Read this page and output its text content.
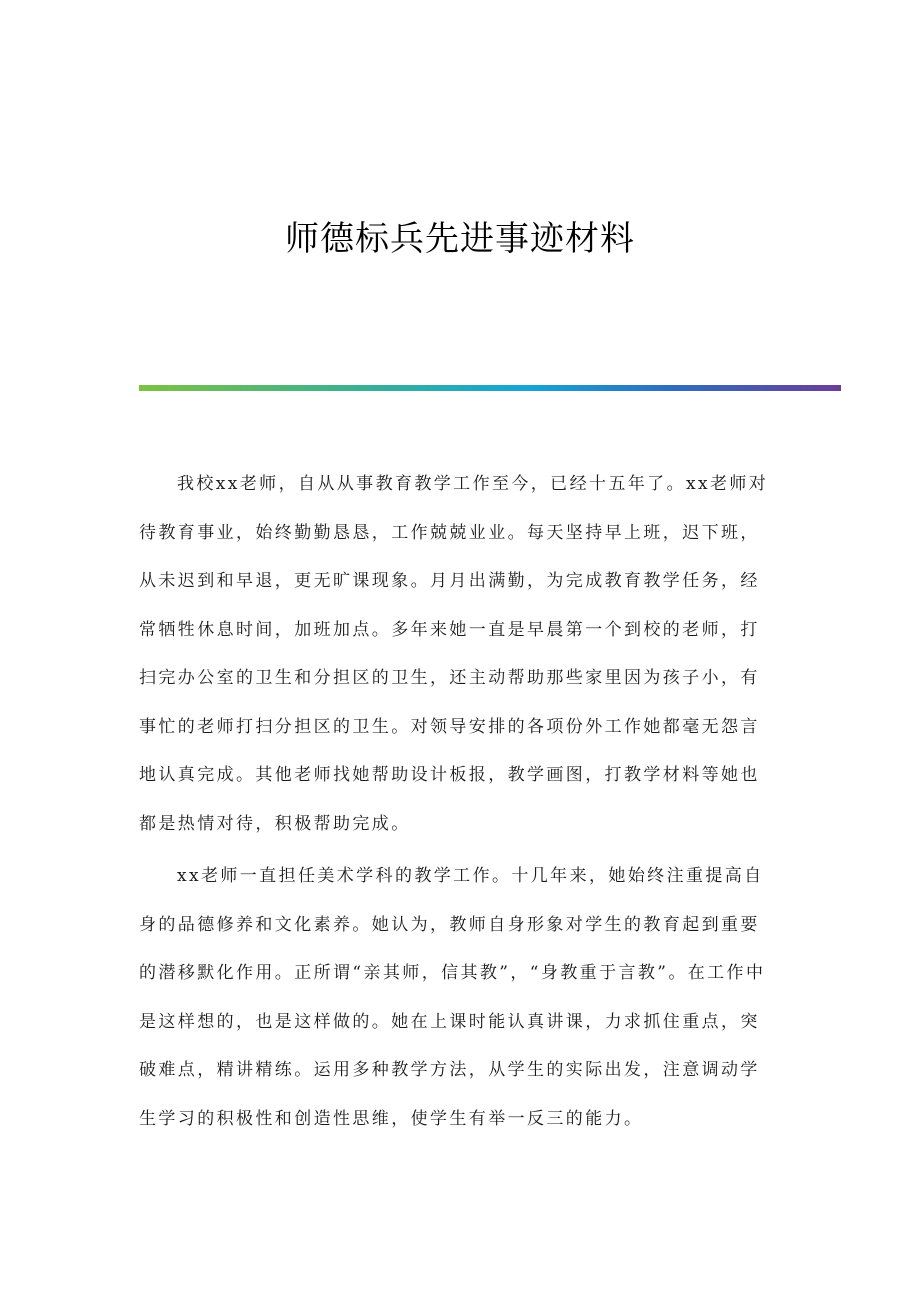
师德标兵先进事迹材料

我校xx老师，自从从事教育教学工作至今，已经十五年了。xx老师对待教育事业，始终勤勤恳恳，工作兢兢业业。每天坚持早上班，迟下班，从未迟到和早退，更无旷课现象。月月出满勤，为完成教育教学任务，经常牺牲休息时间，加班加点。多年来她一直是早晨第一个到校的老师，打扫完办公室的卫生和分担区的卫生，还主动帮助那些家里因为孩子小，有事忙的老师打扫分担区的卫生。对领导安排的各项份外工作她都毫无怨言地认真完成。其他老师找她帮助设计板报，教学画图，打教学材料等她也都是热情对待，积极帮助完成。

xx老师一直担任美术学科的教学工作。十几年来，她始终注重提高自身的品德修养和文化素养。她认为，教师自身形象对学生的教育起到重要的潜移默化作用。正所谓“亲其师，信其教”，“身教重于言教”。在工作中是这样想的，也是这样做的。她在上课时能认真讲课，力求抓住重点，突破难点，精讲精练。运用多种教学方法，从学生的实际出发，注意调动学生学习的积极性和创造性思维，使学生有举一反三的能力。
